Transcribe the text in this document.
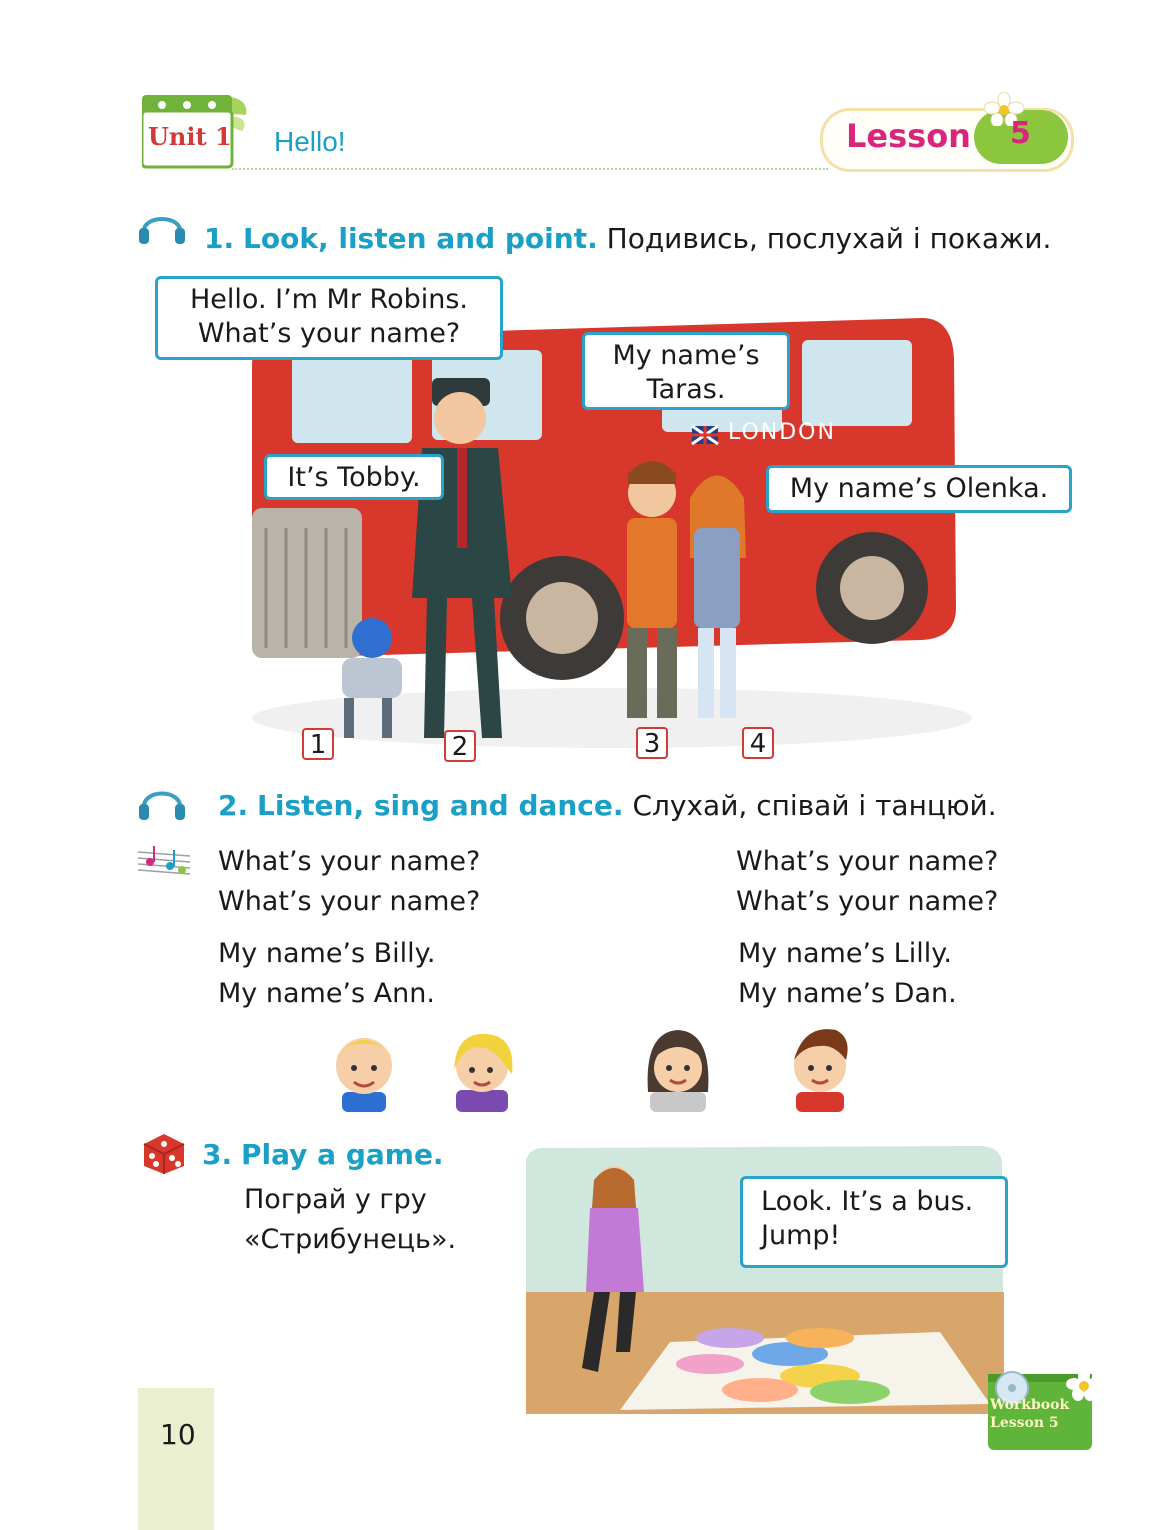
Unit 1 Hello!	Lesson 5
1. Look, listen and point. Подивись, послухай і покажи.
LONDON
Hello. I’m Mr Robins.
What’s your name?
My name’s
Taras.
It’s Tobby.	My name’s Olenka.
1	2	3	4
2. Listen, sing and dance. Слухай, співай і танцюй.
What’s your name?
What’s your name?
My name’s Billy.
My name’s Ann.
What’s your name?
What’s your name?
My name’s Lilly.
My name’s Dan.
3. Play a game.
Пограй у гру
«Стрибунець».
Look. It’s a bus.
Jump!
10
Workbook
Lesson 5
